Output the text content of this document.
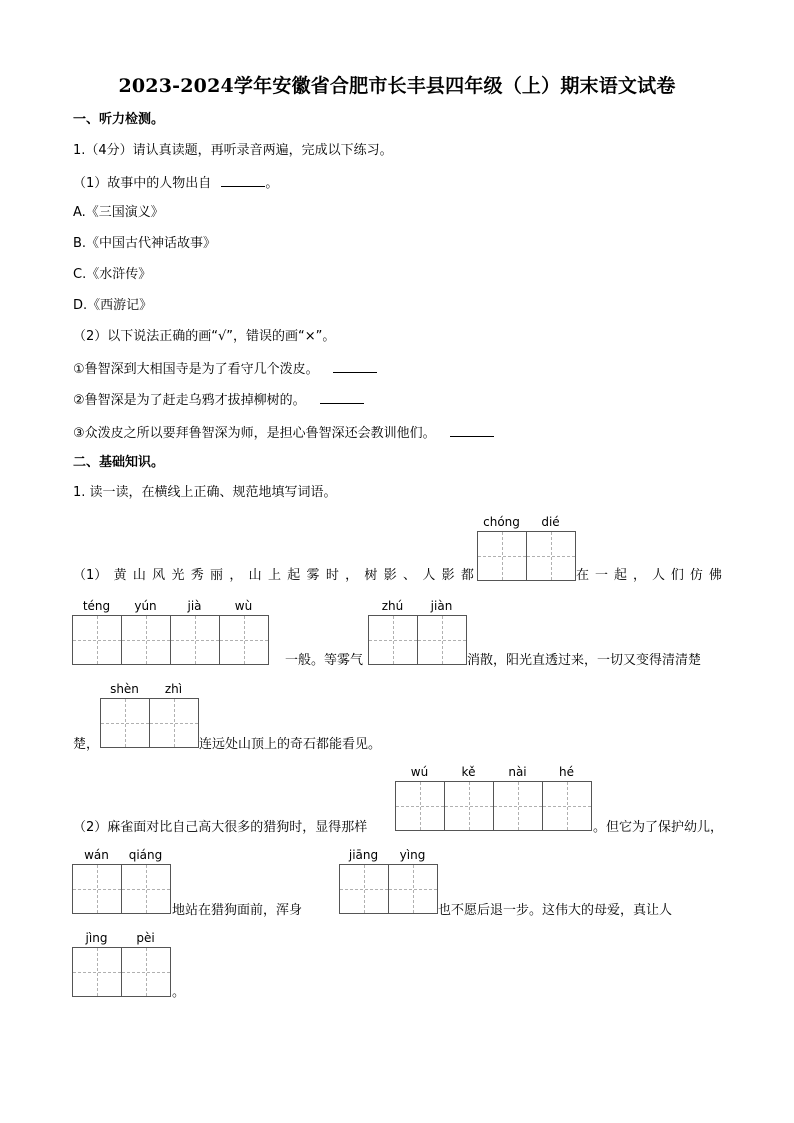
2023-2024学年安徽省合肥市长丰县四年级（上）期末语文试卷
一、听力检测。
1.（4分）请认真读题，再听录音两遍，完成以下练习。
（1）故事中的人物出自	。
A.《三国演义》
B.《中国古代神话故事》
C.《水浒传》
D.《西游记》
（2）以下说法正确的画“√”，错误的画“×”。
①鲁智深到大相国寺是为了看守几个泼皮。
②鲁智深是为了赶走乌鸦才拔掉柳树的。
③众泼皮之所以要拜鲁智深为师，是担心鲁智深还会教训他们。
二、基础知识。
1. 读一读，在横线上正确、规范地填写词语。
（1） 黄 山 风 光 秀 丽 ， 山 上 起 雾 时 ， 树 影 、 人 影 都
chóng	dié
在 一 起 ， 人 们 仿 佛
téng	yún	jià	wù
一般。等雾气
zhú	jiàn
消散，阳光直透过来，一切又变得清清楚
楚，
shèn	zhì
连远处山顶上的奇石都能看见。
（2）麻雀面对比自己高大很多的猎狗时，显得那样
wú	kě	nài	hé
。但它为了保护幼儿，
wán	qiáng
地站在猎狗面前，浑身
jiāng	yìng
也不愿后退一步。这伟大的母爱，真让人
jìng	pèi
。
